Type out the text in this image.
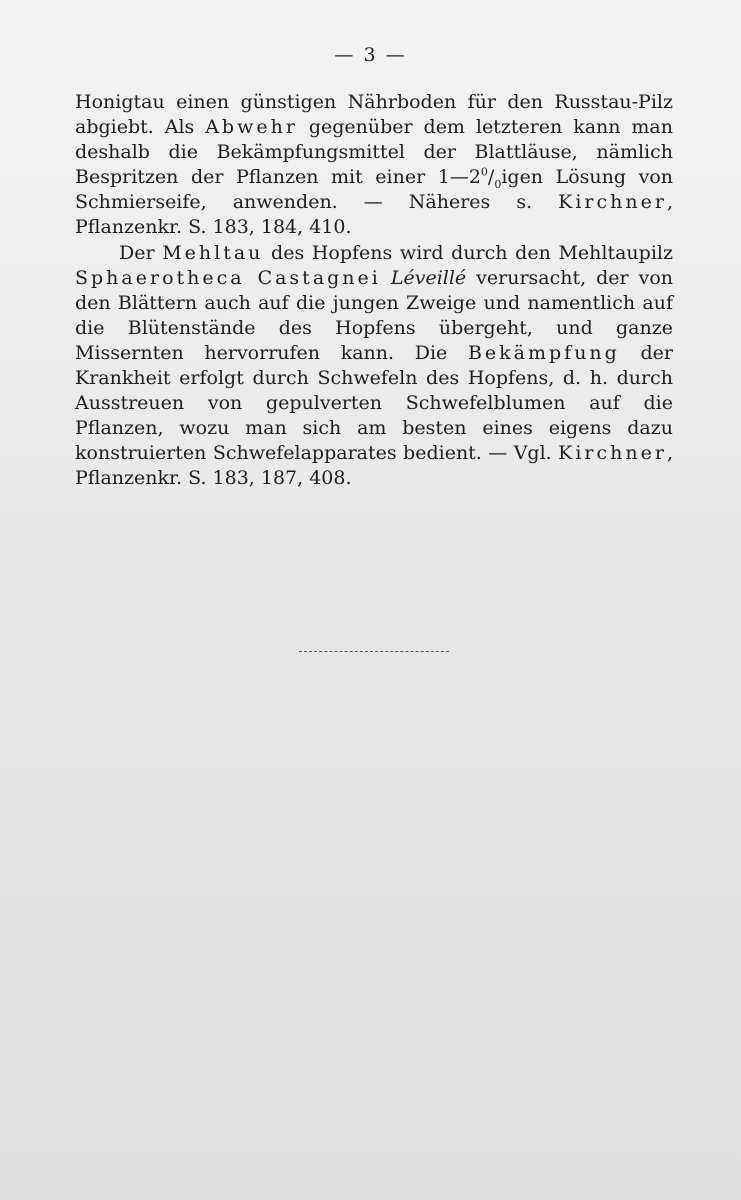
— 3 —

Honigtau einen günstigen Nährboden für den Russtau-Pilz abgiebt. Als Abwehr gegenüber dem letzteren kann man deshalb die Bekämpfungsmittel der Blattläuse, nämlich Bespritzen der Pflanzen mit einer $1—2^0/_0igen$ Lösung von Schmierseife, anwenden. — Näheres s. Kirchner, Pflanzenkr. S. 183, 184, 410.

Der Mehltau des Hopfens wird durch den Mehltaupilz Sphaerotheca Castagnei Léveillé verursacht, der von den Blättern auch auf die jungen Zweige und namentlich auf die Blütenstände des Hopfens übergeht, und ganze Missernten hervorrufen kann. Die Bekämpfung der Krankheit erfolgt durch Schwefeln des Hopfens, d. h. durch Ausstreuen von gepulverten Schwefelblumen auf die Pflanzen, wozu man sich am besten eines eigens dazu konstruierten Schwefelapparates bedient. — Vgl. Kirchner, Pflanzenkr. S. 183, 187, 408.
